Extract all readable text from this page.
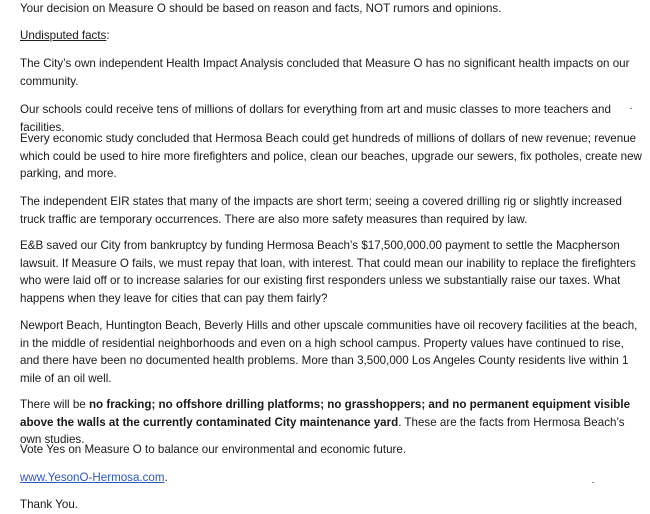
Your decision on Measure O should be based on reason and facts, NOT rumors and opinions.

Undisputed facts:

The City’s own independent Health Impact Analysis concluded that Measure O has no significant health impacts on our community.

Our schools could receive tens of millions of dollars for everything from art and music classes to more teachers and facilities.

Every economic study concluded that Hermosa Beach could get hundreds of millions of dollars of new revenue; revenue which could be used to hire more firefighters and police, clean our beaches, upgrade our sewers, fix potholes, create new parking, and more.

The independent EIR states that many of the impacts are short term; seeing a covered drilling rig or slightly increased truck traffic are temporary occurrences. There are also more safety measures than required by law.

E&B saved our City from bankruptcy by funding Hermosa Beach’s $17,500,000.00 payment to settle the Macpherson lawsuit. If Measure O fails, we must repay that loan, with interest. That could mean our inability to replace the firefighters who were laid off or to increase salaries for our existing first responders unless we substantially raise our taxes. What happens when they leave for cities that can pay them fairly?

Newport Beach, Huntington Beach, Beverly Hills and other upscale communities have oil recovery facilities at the beach, in the middle of residential neighborhoods and even on a high school campus. Property values have continued to rise, and there have been no documented health problems. More than 3,500,000 Los Angeles County residents live within 1 mile of an oil well.

There will be no fracking; no offshore drilling platforms; no grasshoppers; and no permanent equipment visible above the walls at the currently contaminated City maintenance yard. These are the facts from Hermosa Beach’s own studies.

Vote Yes on Measure O to balance our environmental and economic future.

www.YesonO-Hermosa.com.

Thank You.
